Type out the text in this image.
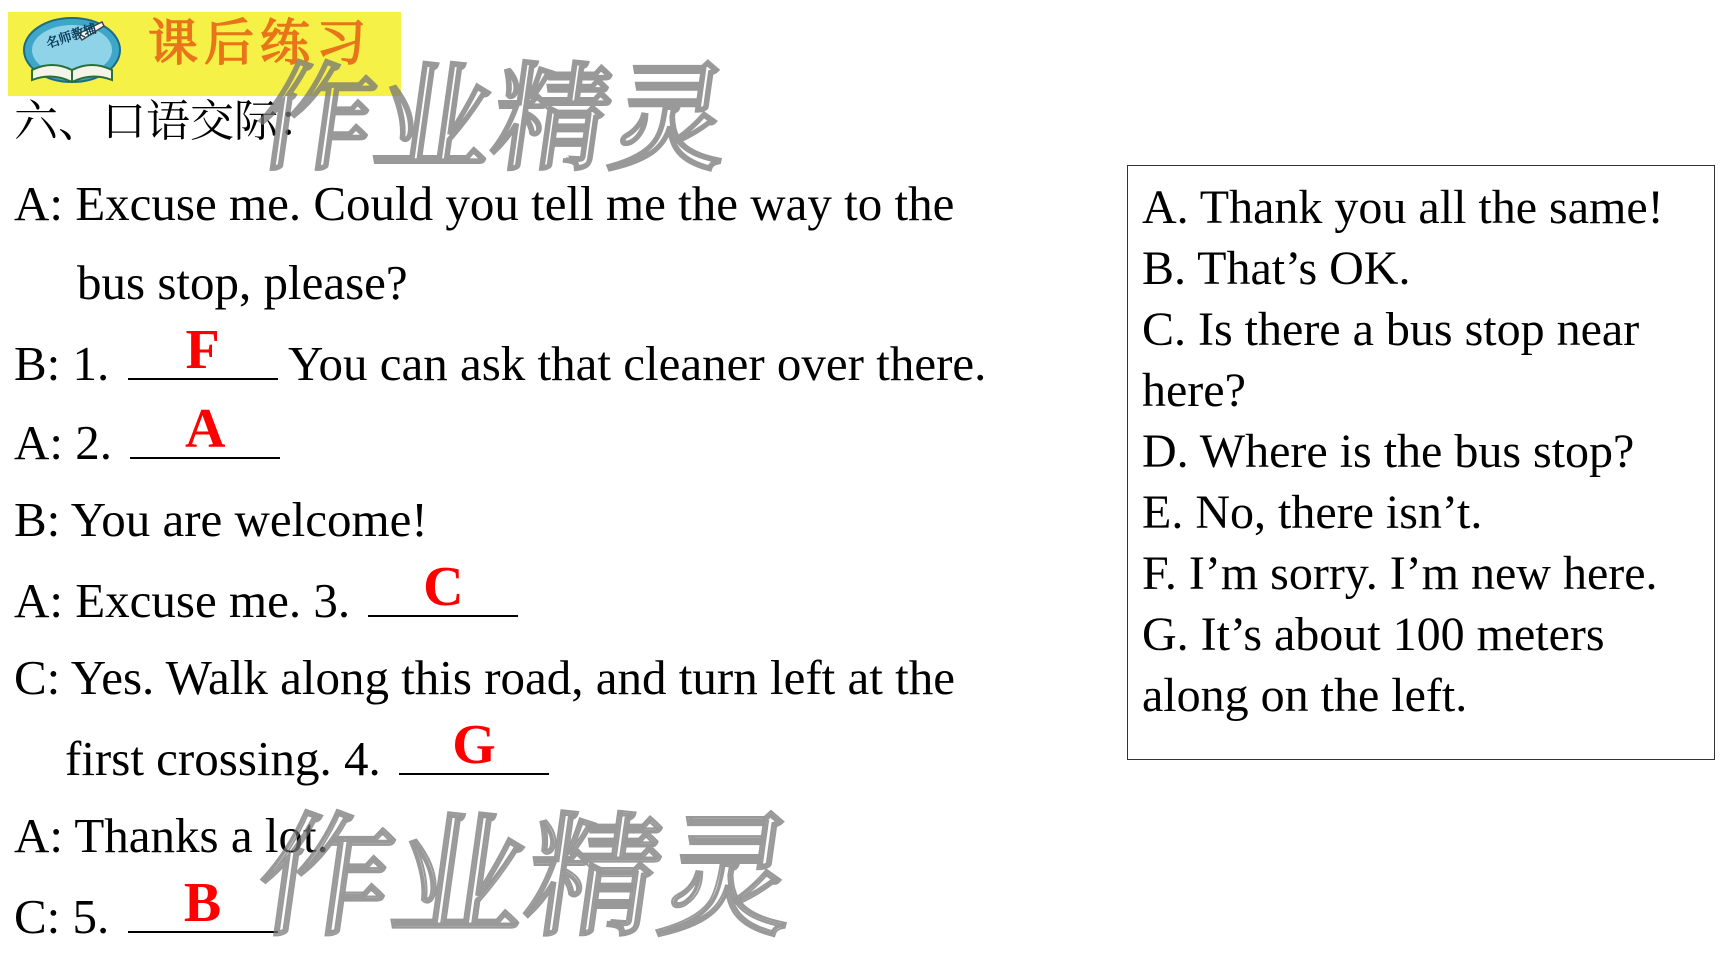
名师教辅 课后练习
六、口语交际：
A: Excuse me. Could you tell me the way to the
bus stop, please?
B: 1.	F	You can ask that cleaner over there.
A: 2.	A
B: You are welcome!
A: Excuse me. 3.	C
C: Yes. Walk along this road, and turn left at the
first crossing. 4.	G
A: Thanks a lot.
C: 5.	B
A. Thank you all the same!
B. That’s OK.
C. Is there a bus stop near
here?
D. Where is the bus stop?
E. No, there isn’t.
F. I’m sorry. I’m new here.
G. It’s about 100 meters
along on the left.
作业精灵
作业精灵
